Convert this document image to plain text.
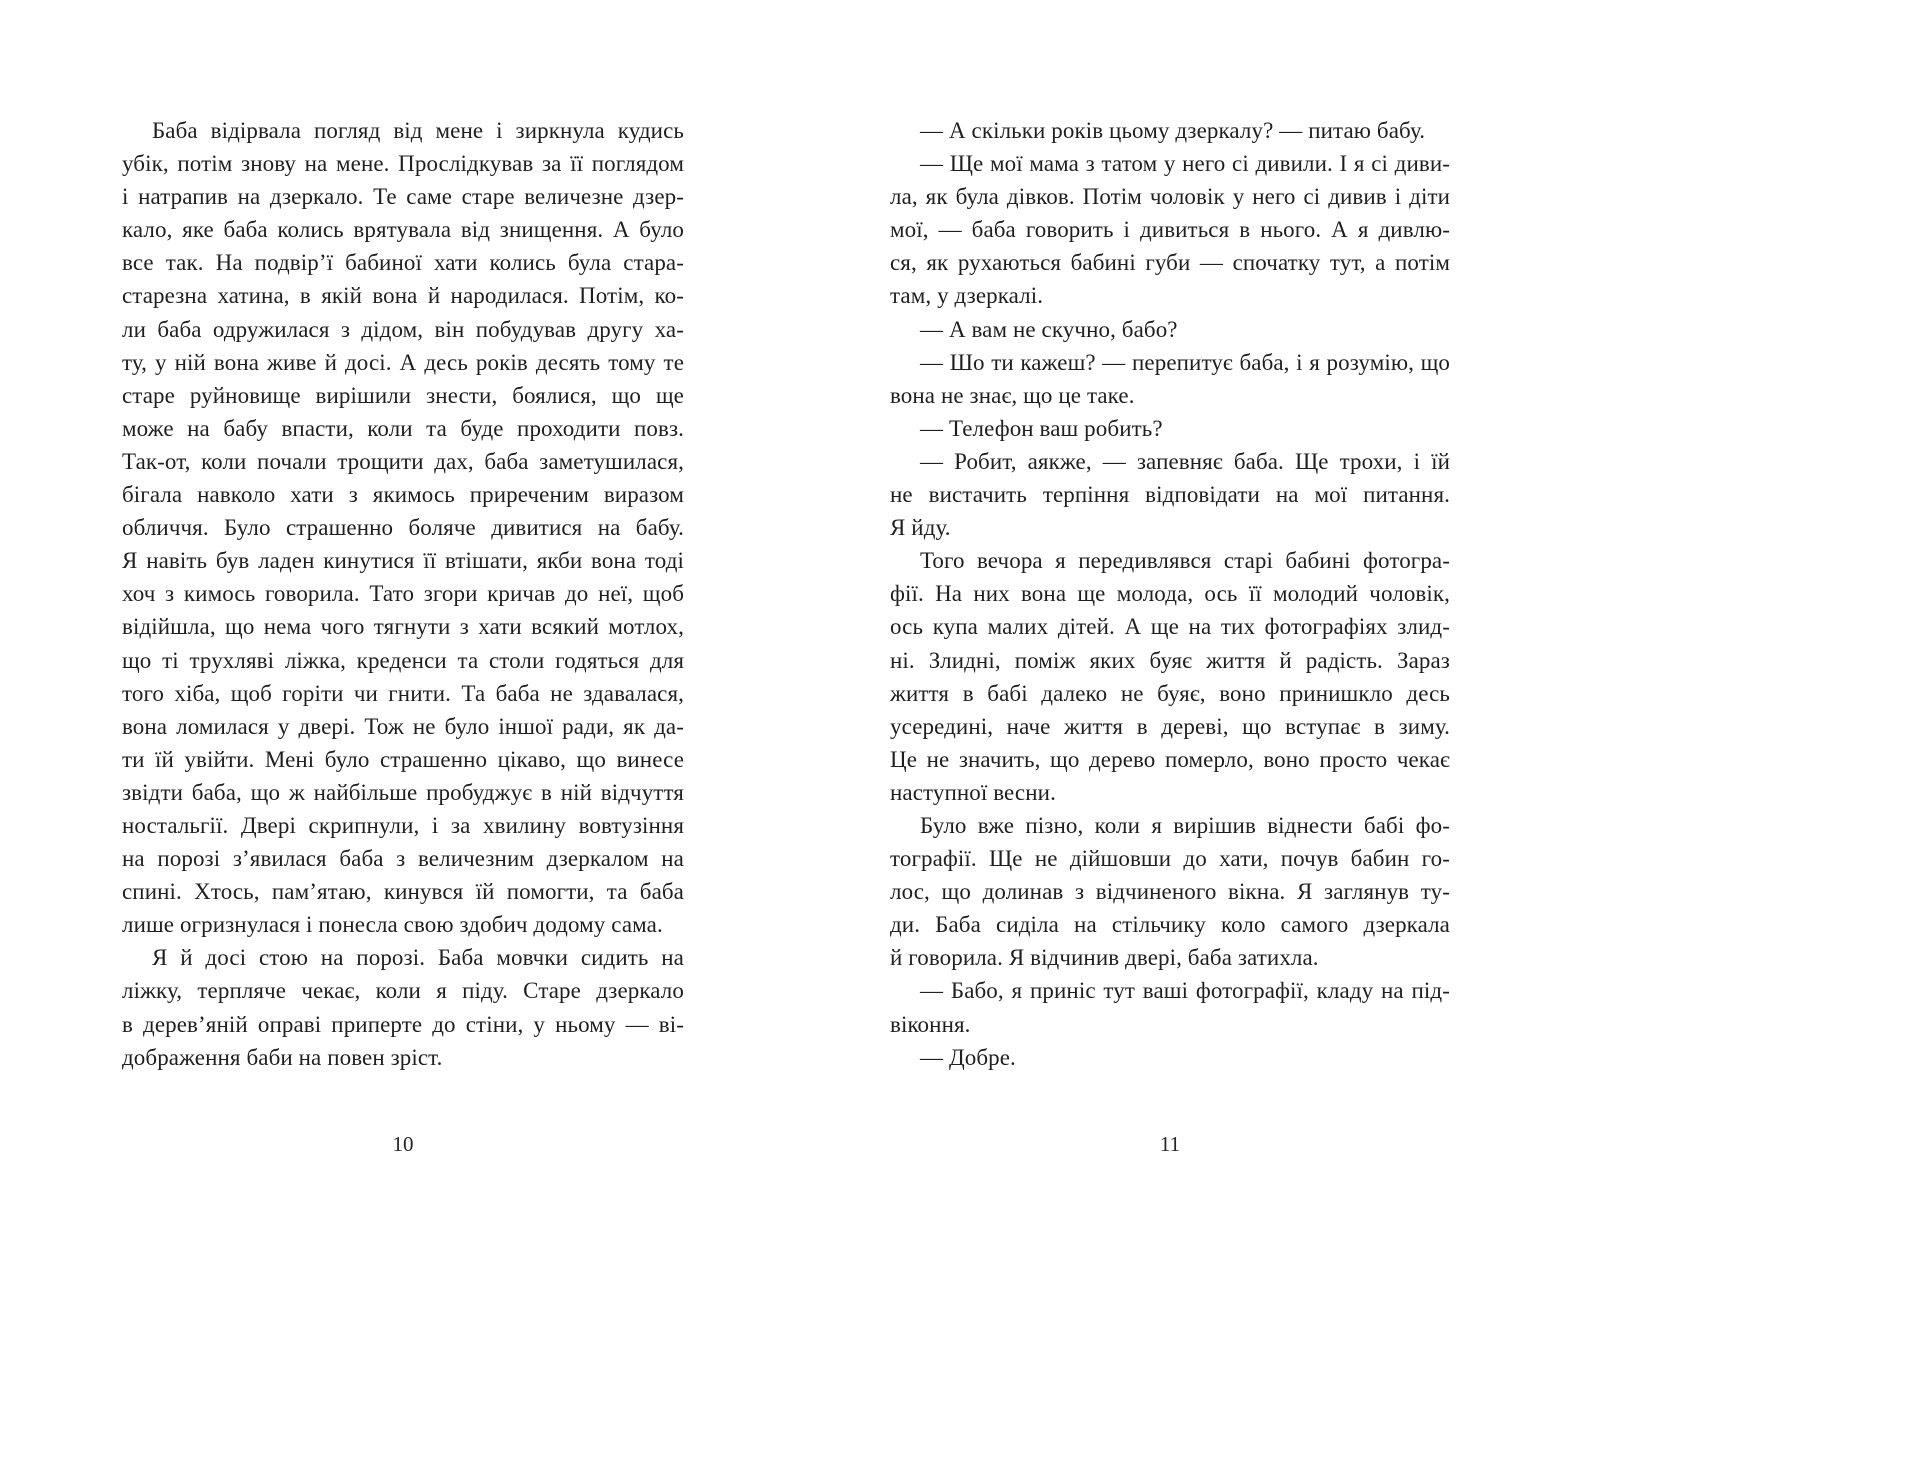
Баба відірвала погляд від мене і зиркнула кудись
убік, потім знову на мене. Прослідкував за її поглядом
і натрапив на дзеркало. Те саме старе величезне дзер-
кало, яке баба колись врятувала від знищення. А було
все так. На подвір’ї бабиної хати колись була стара-
старезна хатина, в якій вона й народилася. Потім, ко-
ли баба одружилася з дідом, він побудував другу ха-
ту, у ній вона живе й досі. А десь років десять тому те
старе руйновище вирішили знести, боялися, що ще
може на бабу впасти, коли та буде проходити повз.
Так-от, коли почали трощити дах, баба заметушилася,
бігала навколо хати з якимось приреченим виразом
обличчя. Було страшенно боляче дивитися на бабу.
Я навіть був ладен кинутися її втішати, якби вона тоді
хоч з кимось говорила. Тато згори кричав до неї, щоб
відійшла, що нема чого тягнути з хати всякий мотлох,
що ті трухляві ліжка, креденси та столи годяться для
того хіба, щоб горіти чи гнити. Та баба не здавалася,
вона ломилася у двері. Тож не було іншої ради, як да-
ти їй увійти. Мені було страшенно цікаво, що винесе
звідти баба, що ж найбільше пробуджує в ній відчуття
ностальгії. Двері скрипнули, і за хвилину вовтузіння
на порозі з’явилася баба з величезним дзеркалом на
спині. Хтось, пам’ятаю, кинувся їй помогти, та баба
лише огризнулася і понесла свою здобич додому сама.
Я й досі стою на порозі. Баба мовчки сидить на
ліжку, терпляче чекає, коли я піду. Старе дзеркало
в дерев’яній оправі приперте до стіни, у ньому — ві-
дображення баби на повен зріст.
10
— А скільки років цьому дзеркалу? — питаю бабу.
— Ще мої мама з татом у него сі дивили. І я сі диви-
ла, як була дівков. Потім чоловік у него сі дивив і діти
мої, — баба говорить і дивиться в нього. А я дивлю-
ся, як рухаються бабині губи — спочатку тут, а потім
там, у дзеркалі.
— А вам не скучно, бабо?
— Шо ти кажеш? — перепитує баба, і я розумію, що
вона не знає, що це таке.
— Телефон ваш робить?
— Робит, аякже, — запевняє баба. Ще трохи, і їй
не вистачить терпіння відповідати на мої питання.
Я йду.
Того вечора я передивлявся старі бабині фотогра-
фії. На них вона ще молода, ось її молодий чоловік,
ось купа малих дітей. А ще на тих фотографіях злид-
ні. Злидні, поміж яких буяє життя й радість. Зараз
життя в бабі далеко не буяє, воно принишкло десь
усередині, наче життя в дереві, що вступає в зиму.
Це не значить, що дерево померло, воно просто чекає
наступної весни.
Було вже пізно, коли я вирішив віднести бабі фо-
тографії. Ще не дійшовши до хати, почув бабин го-
лос, що долинав з відчиненого вікна. Я заглянув ту-
ди. Баба сиділа на стільчику коло самого дзеркала
й говорила. Я відчинив двері, баба затихла.
— Бабо, я приніс тут ваші фотографії, кладу на під-
віконня.
— Добре.
11
